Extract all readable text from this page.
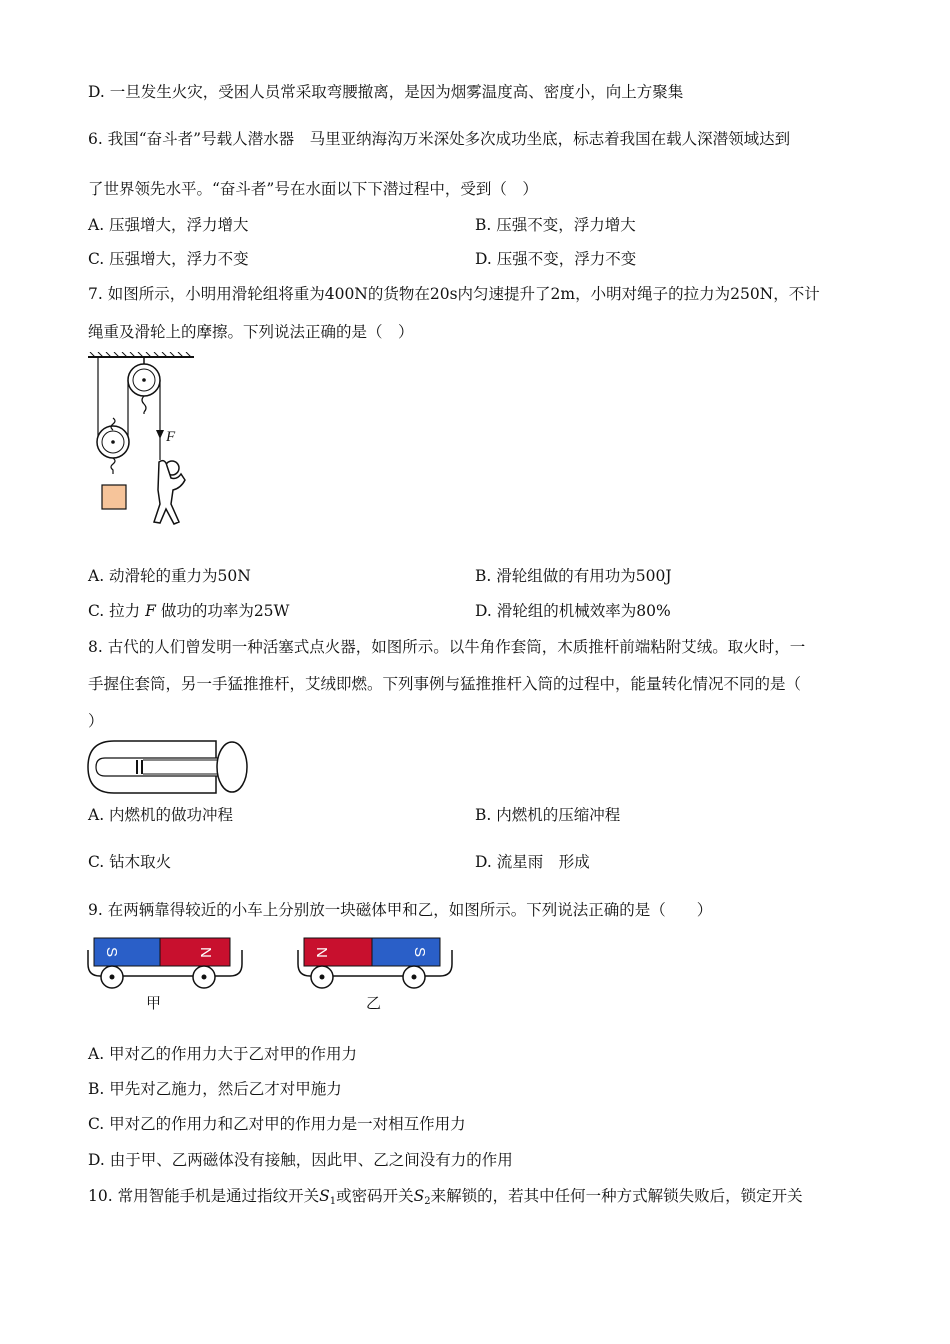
D. 一旦发生火灾，受困人员常采取弯腰撤离，是因为烟雾温度高、密度小，向上方聚集
6. 我国“奋斗者”号载人潜水器　马里亚纳海沟万米深处多次成功坐底，标志着我国在载人深潜领域达到
了世界领先水平。“奋斗者”号在水面以下下潜过程中，受到（　）
A. 压强增大，浮力增大	B. 压强不变，浮力增大
C. 压强增大，浮力不变	D. 压强不变，浮力不变
7. 如图所示，小明用滑轮组将重为400N的货物在20s内匀速提升了2m，小明对绳子的拉力为250N，不计
绳重及滑轮上的摩擦。下列说法正确的是（　）
F
A. 动滑轮的重力为50N	B. 滑轮组做的有用功为500J
C. 拉力 F 做功的功率为25W	D. 滑轮组的机械效率为80%
8. 古代的人们曾发明一种活塞式点火器，如图所示。以牛角作套筒，木质推杆前端粘附艾绒。取火时，一
手握住套筒，另一手猛推推杆，艾绒即燃。下列事例与猛推推杆入筒的过程中，能量转化情况不同的是（
）
A. 内燃机的做功冲程	B. 内燃机的压缩冲程
C. 钻木取火	D. 流星雨　形成
9. 在两辆靠得较近的小车上分别放一块磁体甲和乙，如图所示。下列说法正确的是（　　）
S	N
甲
N	S
乙
A. 甲对乙的作用力大于乙对甲的作用力
B. 甲先对乙施力，然后乙才对甲施力
C. 甲对乙的作用力和乙对甲的作用力是一对相互作用力
D. 由于甲、乙两磁体没有接触，因此甲、乙之间没有力的作用
10. 常用智能手机是通过指纹开关$S_1$或密码开关$S_2$来解锁的，若其中任何一种方式解锁失败后，锁定开关
